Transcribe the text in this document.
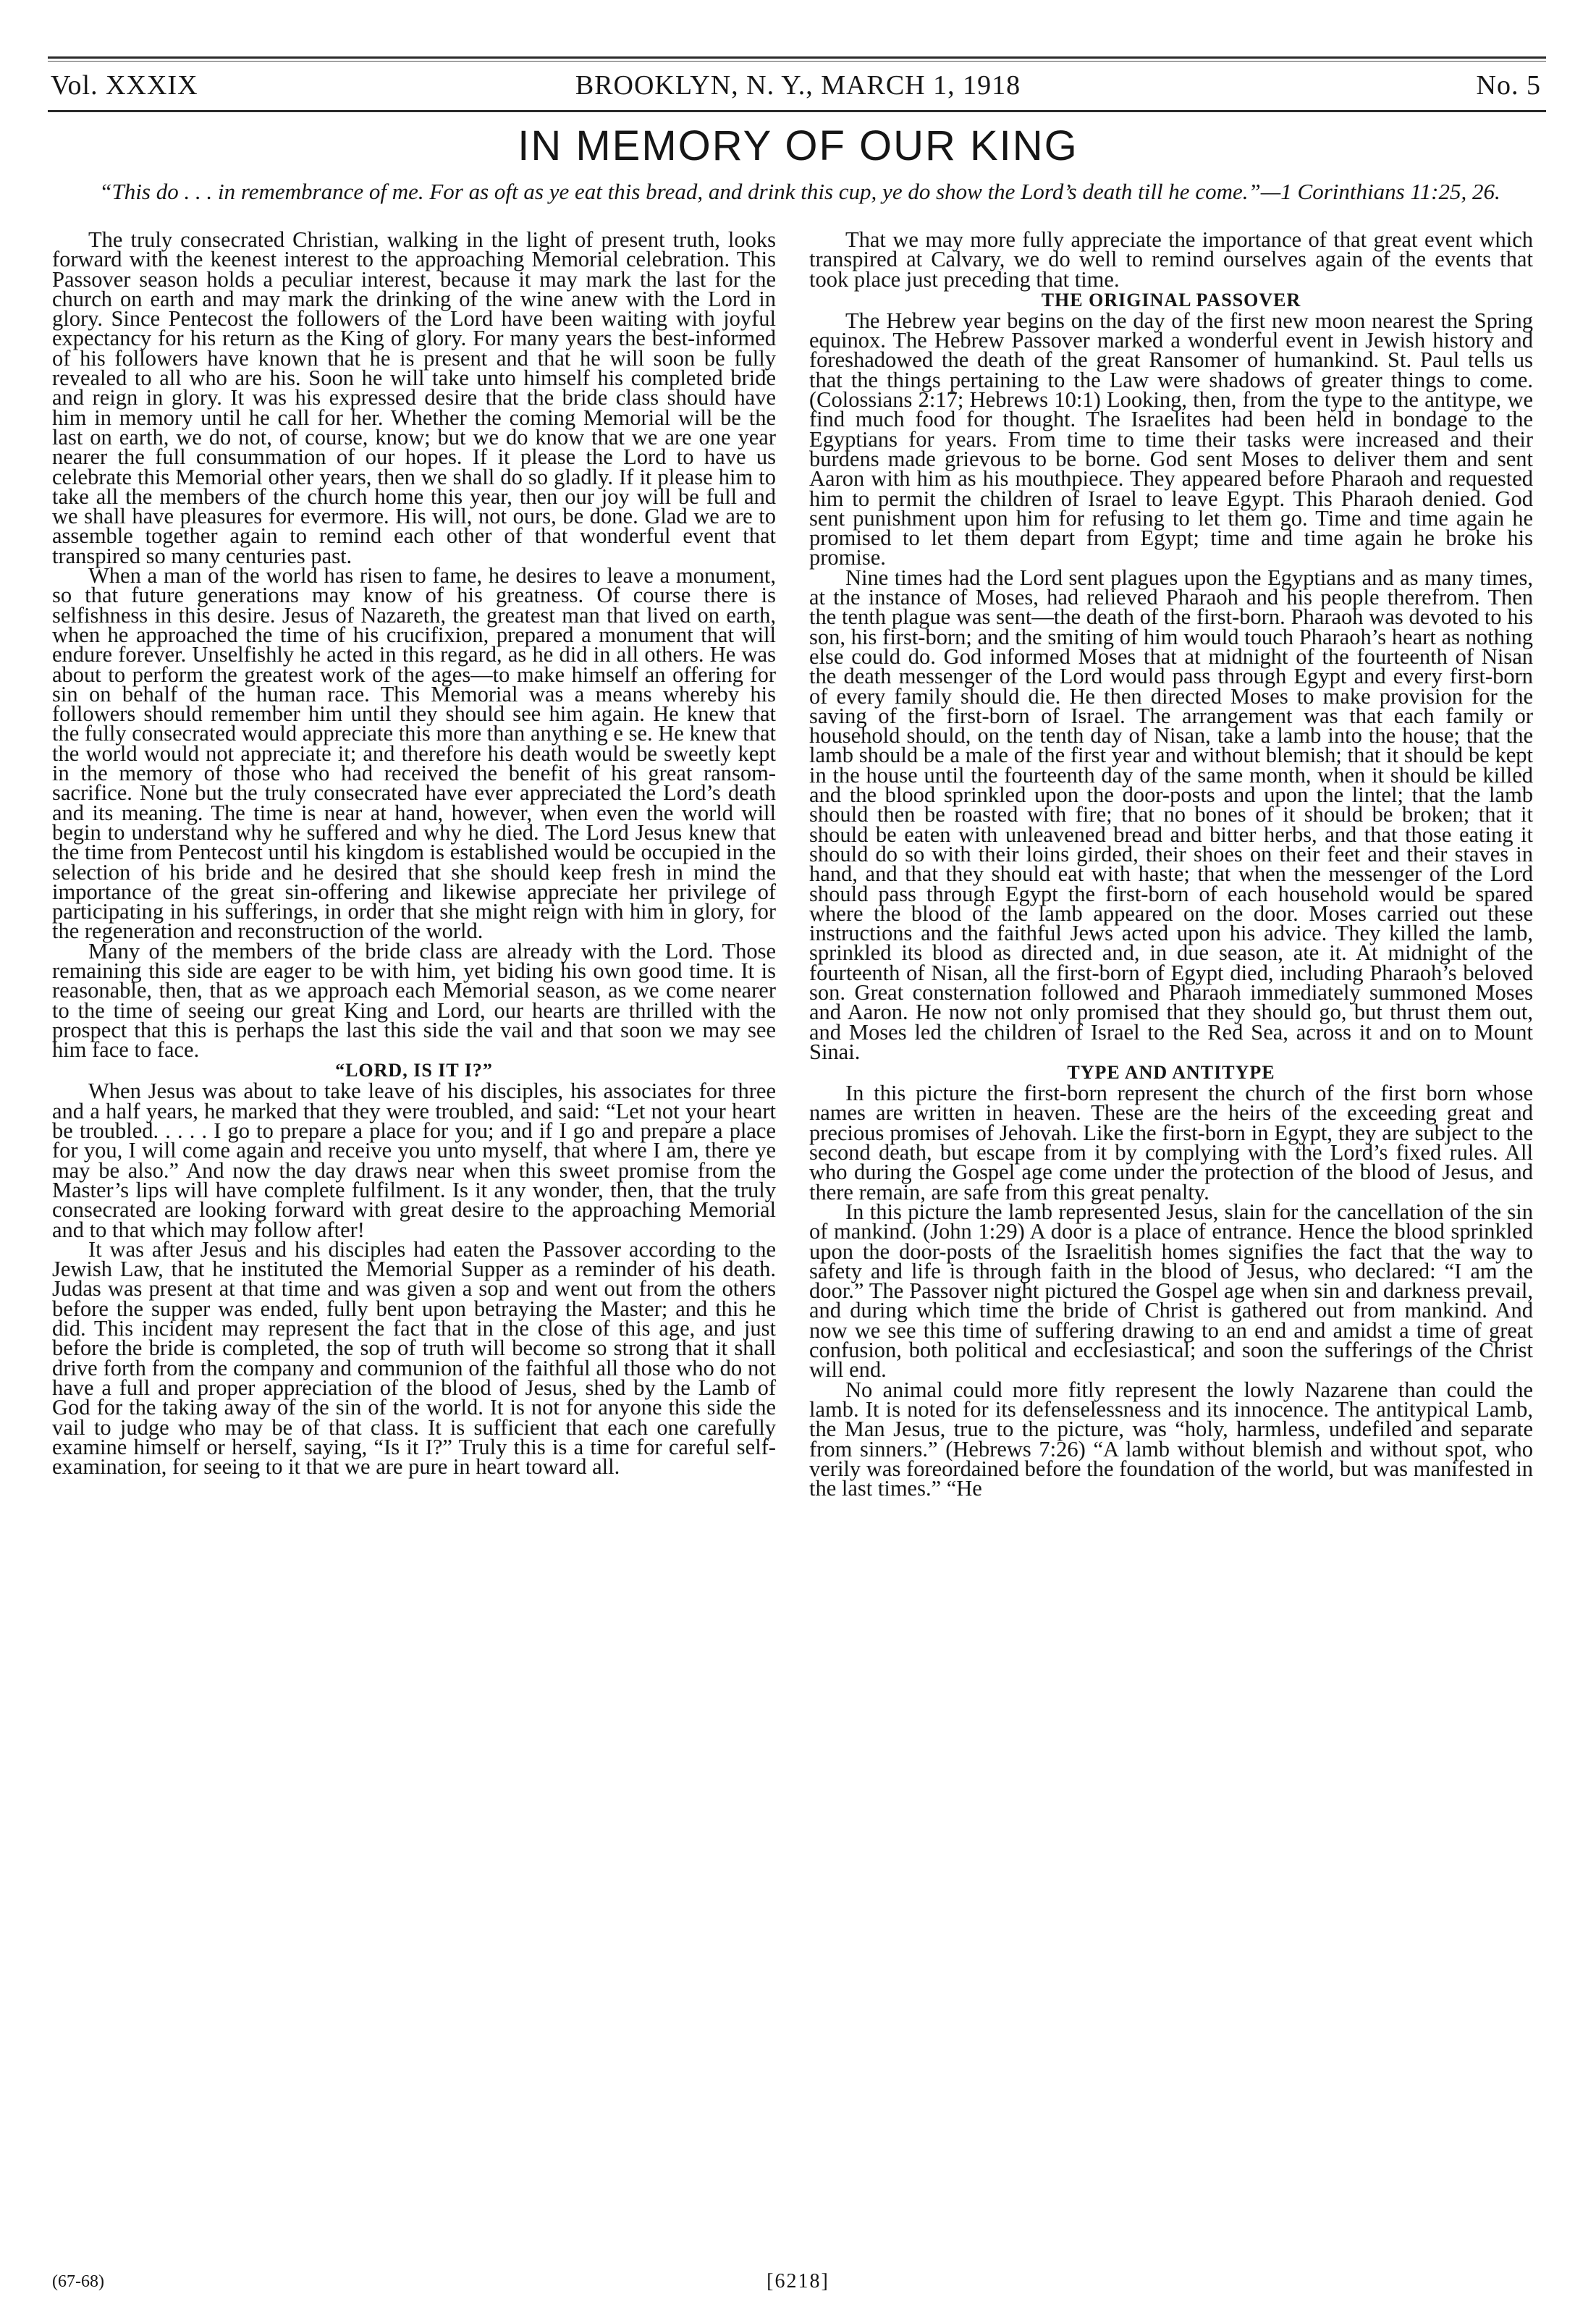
Vol. XXXIX	BROOKLYN, N. Y., MARCH 1, 1918	No. 5
IN MEMORY OF OUR KING
“This do . . . in remembrance of me. For as oft as ye eat this bread, and drink this cup, ye do show the Lord’s death till he come.”—1 Corinthians 11:25, 26.

The truly consecrated Christian, walking in the light of present truth, looks forward with the keenest interest to the approaching Memorial celebration. This Passover season holds a peculiar interest, because it may mark the last for the church on earth and may mark the drinking of the wine anew with the Lord in glory. Since Pentecost the followers of the Lord have been waiting with joyful expectancy for his return as the King of glory. For many years the best-informed of his followers have known that he is present and that he will soon be fully revealed to all who are his. Soon he will take unto himself his completed bride and reign in glory. It was his expressed desire that the bride class should have him in memory until he call for her. Whether the coming Memorial will be the last on earth, we do not, of course, know; but we do know that we are one year nearer the full consummation of our hopes. If it please the Lord to have us celebrate this Memorial other years, then we shall do so gladly. If it please him to take all the members of the church home this year, then our joy will be full and we shall have pleasures for evermore. His will, not ours, be done. Glad we are to assemble together again to remind each other of that wonderful event that transpired so many centuries past.

When a man of the world has risen to fame, he desires to leave a monument, so that future generations may know of his greatness. Of course there is selfishness in this desire. Jesus of Nazareth, the greatest man that lived on earth, when he approached the time of his crucifixion, prepared a monument that will endure forever. Unselfishly he acted in this regard, as he did in all others. He was about to perform the greatest work of the ages—to make himself an offering for sin on behalf of the human race. This Memorial was a means whereby his followers should remember him until they should see him again. He knew that the fully consecrated would appreciate this more than anything e se. He knew that the world would not appreciate it; and therefore his death would be sweetly kept in the memory of those who had received the benefit of his great ransom-sacrifice. None but the truly consecrated have ever appreciated the Lord’s death and its meaning. The time is near at hand, however, when even the world will begin to understand why he suffered and why he died. The Lord Jesus knew that the time from Pentecost until his kingdom is established would be occupied in the selection of his bride and he desired that she should keep fresh in mind the importance of the great sin-offering and likewise appreciate her privilege of participating in his sufferings, in order that she might reign with him in glory, for the regeneration and reconstruction of the world.

Many of the members of the bride class are already with the Lord. Those remaining this side are eager to be with him, yet biding his own good time. It is reasonable, then, that as we approach each Memorial season, as we come nearer to the time of seeing our great King and Lord, our hearts are thrilled with the prospect that this is perhaps the last this side the vail and that soon we may see him face to face.

“LORD, IS IT I?”

When Jesus was about to take leave of his disciples, his associates for three and a half years, he marked that they were troubled, and said: “Let not your heart be troubled. . . . . I go to prepare a place for you; and if I go and prepare a place for you, I will come again and receive you unto myself, that where I am, there ye may be also.” And now the day draws near when this sweet promise from the Master’s lips will have complete fulfilment. Is it any wonder, then, that the truly consecrated are looking forward with great desire to the approaching Memorial and to that which may follow after!

It was after Jesus and his disciples had eaten the Passover according to the Jewish Law, that he instituted the Memorial Supper as a reminder of his death. Judas was present at that time and was given a sop and went out from the others before the supper was ended, fully bent upon betraying the Master; and this he did. This incident may represent the fact that in the close of this age, and just before the bride is completed, the sop of truth will become so strong that it shall drive forth from the company and communion of the faithful all those who do not have a full and proper appreciation of the blood of Jesus, shed by the Lamb of God for the taking away of the sin of the world. It is not for anyone this side the vail to judge who may be of that class. It is sufficient that each one carefully examine himself or herself, saying, “Is it I?” Truly this is a time for careful self-examination, for seeing to it that we are pure in heart toward all.

That we may more fully appreciate the importance of that great event which transpired at Calvary, we do well to remind ourselves again of the events that took place just preceding that time.

THE ORIGINAL PASSOVER

The Hebrew year begins on the day of the first new moon nearest the Spring equinox. The Hebrew Passover marked a wonderful event in Jewish history and foreshadowed the death of the great Ransomer of humankind. St. Paul tells us that the things pertaining to the Law were shadows of greater things to come. (Colossians 2:17; Hebrews 10:1) Looking, then, from the type to the antitype, we find much food for thought. The Israelites had been held in bondage to the Egyptians for years. From time to time their tasks were increased and their burdens made grievous to be borne. God sent Moses to deliver them and sent Aaron with him as his mouthpiece. They appeared before Pharaoh and requested him to permit the children of Israel to leave Egypt. This Pharaoh denied. God sent punishment upon him for refusing to let them go. Time and time again he promised to let them depart from Egypt; time and time again he broke his promise.

Nine times had the Lord sent plagues upon the Egyptians and as many times, at the instance of Moses, had relieved Pharaoh and his people therefrom. Then the tenth plague was sent—the death of the first-born. Pharaoh was devoted to his son, his first-born; and the smiting of him would touch Pharaoh’s heart as nothing else could do. God informed Moses that at midnight of the fourteenth of Nisan the death messenger of the Lord would pass through Egypt and every first-born of every family should die. He then directed Moses to make provision for the saving of the first-born of Israel. The arrangement was that each family or household should, on the tenth day of Nisan, take a lamb into the house; that the lamb should be a male of the first year and without blemish; that it should be kept in the house until the fourteenth day of the same month, when it should be killed and the blood sprinkled upon the door-posts and upon the lintel; that the lamb should then be roasted with fire; that no bones of it should be broken; that it should be eaten with unleavened bread and bitter herbs, and that those eating it should do so with their loins girded, their shoes on their feet and their staves in hand, and that they should eat with haste; that when the messenger of the Lord should pass through Egypt the first-born of each household would be spared where the blood of the lamb appeared on the door. Moses carried out these instructions and the faithful Jews acted upon his advice. They killed the lamb, sprinkled its blood as directed and, in due season, ate it. At midnight of the fourteenth of Nisan, all the first-born of Egypt died, including Pharaoh’s beloved son. Great consternation followed and Pharaoh immediately summoned Moses and Aaron. He now not only promised that they should go, but thrust them out, and Moses led the children of Israel to the Red Sea, across it and on to Mount Sinai.

TYPE AND ANTITYPE

In this picture the first-born represent the church of the first born whose names are written in heaven. These are the heirs of the exceeding great and precious promises of Jehovah. Like the first-born in Egypt, they are subject to the second death, but escape from it by complying with the Lord’s fixed rules. All who during the Gospel age come under the protection of the blood of Jesus, and there remain, are safe from this great penalty.

In this picture the lamb represented Jesus, slain for the cancellation of the sin of mankind. (John 1:29) A door is a place of entrance. Hence the blood sprinkled upon the door-posts of the Israelitish homes signifies the fact that the way to safety and life is through faith in the blood of Jesus, who declared: “I am the door.” The Passover night pictured the Gospel age when sin and darkness prevail, and during which time the bride of Christ is gathered out from mankind. And now we see this time of suffering drawing to an end and amidst a time of great confusion, both political and ecclesiastical; and soon the sufferings of the Christ will end.

No animal could more fitly represent the lowly Nazarene than could the lamb. It is noted for its defenselessness and its innocence. The antitypical Lamb, the Man Jesus, true to the picture, was “holy, harmless, undefiled and separate from sinners.” (Hebrews 7:26) “A lamb without blemish and without spot, who verily was foreordained before the foundation of the world, but was manifested in the last times.” “He

(67-68)	[6218]
